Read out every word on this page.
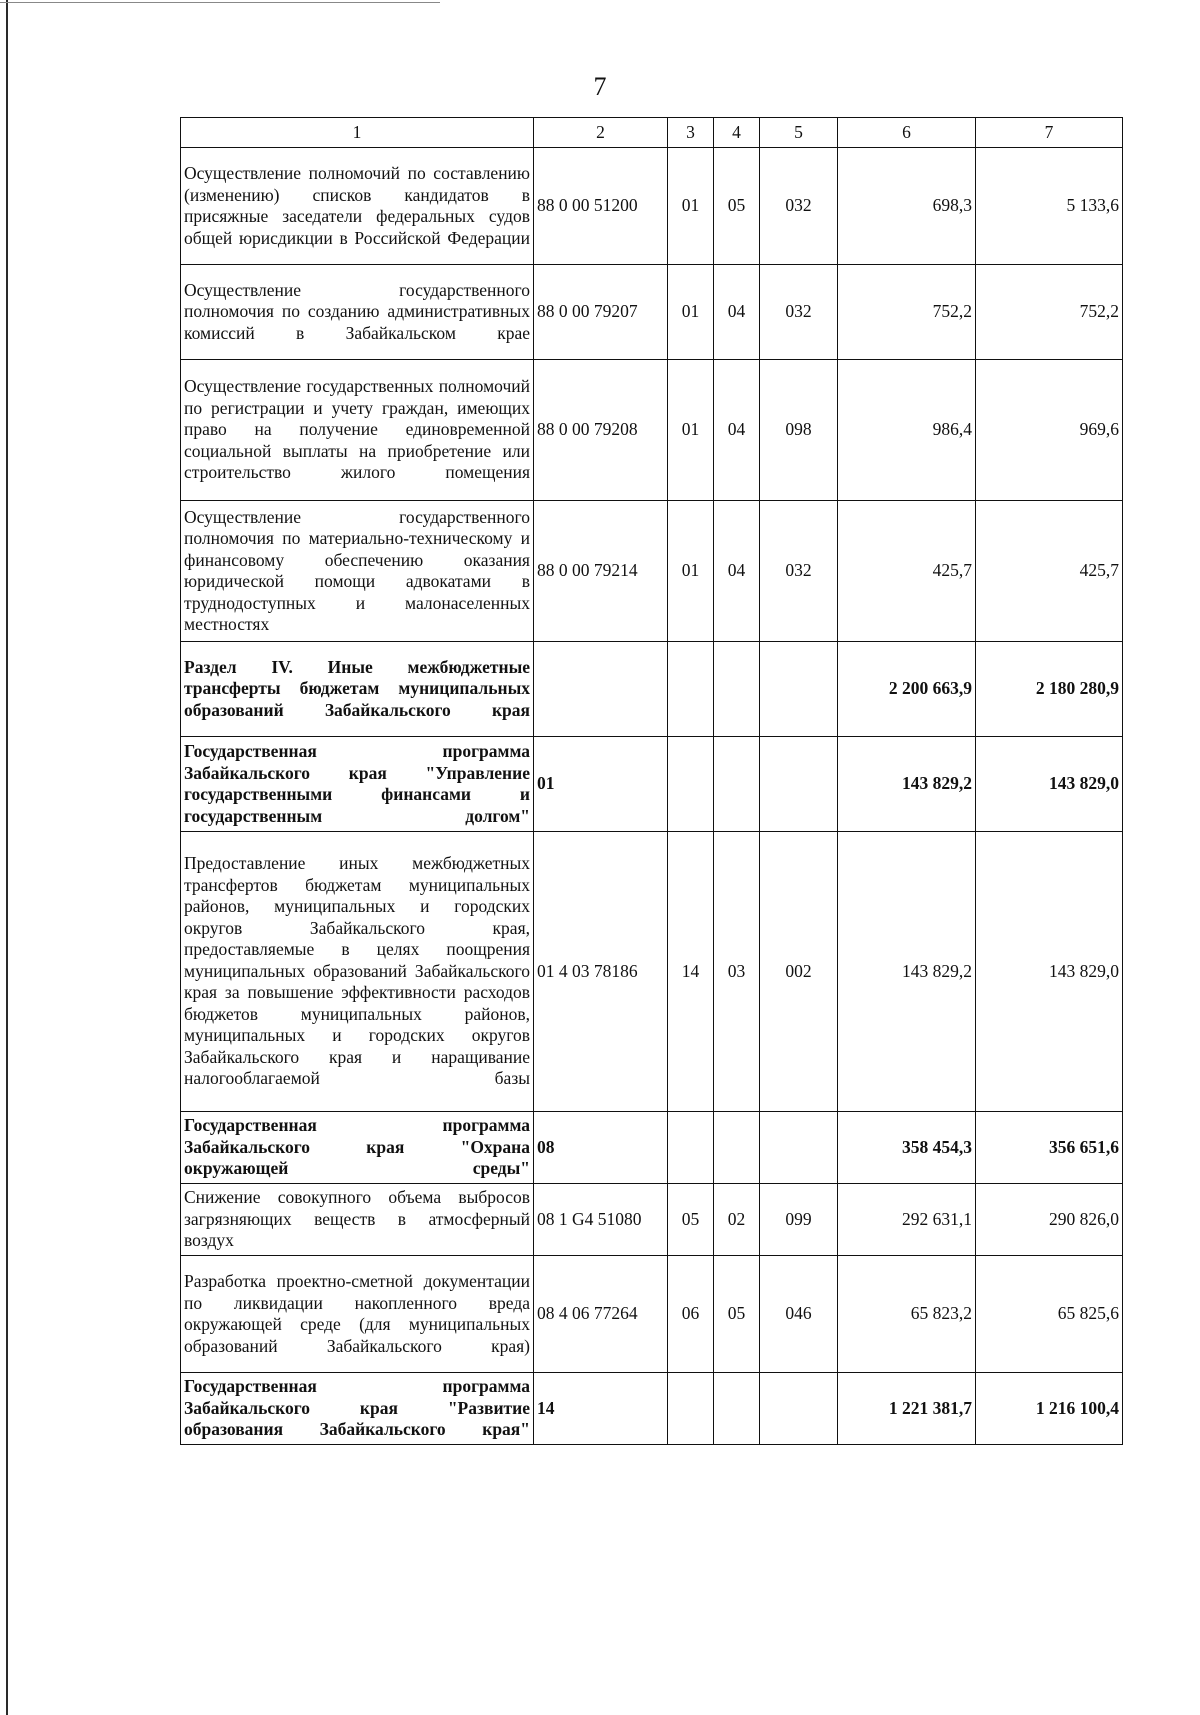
7
1	2	3	4	5	6	7

Осуществление полномочий по составлению (изменению) списков кандидатов в присяжные заседатели федеральных судов общей юрисдикции в Российской Федерации	88 0 00 51200	01	05	032	698,3	5 133,6

Осуществление государственного полномочия по созданию административных комиссий в Забайкальском крае	88 0 00 79207	01	04	032	752,2	752,2

Осуществление государственных полномочий по регистрации и учету граждан, имеющих право на получение единовременной социальной выплаты на приобретение или строительство жилого помещения	88 0 00 79208	01	04	098	986,4	969,6

Осуществление государственного полномочия по материально-техническому и финансовому обеспечению оказания юридической помощи адвокатами в труднодоступных и малонаселенных местностях	88 0 00 79214	01	04	032	425,7	425,7

Раздел IV. Иные межбюджетные трансферты бюджетам муниципальных образований Забайкальского края					2 200 663,9	2 180 280,9

Государственная программа Забайкальского края "Управление государственными финансами и государственным долгом"	01				143 829,2	143 829,0

Предоставление иных межбюджетных трансфертов бюджетам муниципальных районов, муниципальных и городских округов Забайкальского края, предоставляемые в целях поощрения муниципальных образований Забайкальского края за повышение эффективности расходов бюджетов муниципальных районов, муниципальных и городских округов Забайкальского края и наращивание налогооблагаемой базы	01 4 03 78186	14	03	002	143 829,2	143 829,0

Государственная программа Забайкальского края "Охрана окружающей среды"	08				358 454,3	356 651,6

Снижение совокупного объема выбросов загрязняющих веществ в атмосферный воздух	08 1 G4 51080	05	02	099	292 631,1	290 826,0

Разработка проектно-сметной документации по ликвидации накопленного вреда окружающей среде (для муниципальных образований Забайкальского края)	08 4 06 77264	06	05	046	65 823,2	65 825,6

Государственная программа Забайкальского края "Развитие образования Забайкальского края"	14				1 221 381,7	1 216 100,4
